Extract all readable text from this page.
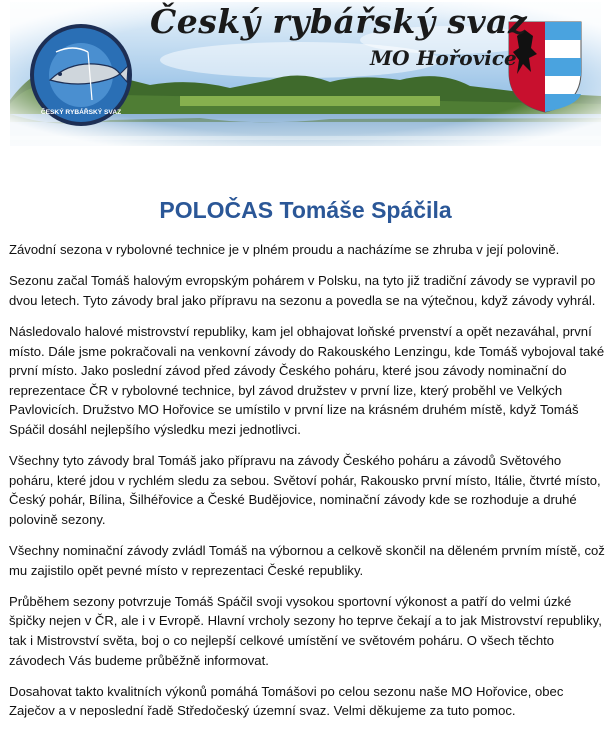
ČESKÝ RYBÁŘSKÝ SVAZ
Český rybářský svaz
MO Hořovice
POLOČAS Tomáše Spáčila

Závodní sezona v rybolovné technice je v plném proudu a nacházíme se zhruba v její polovině.

Sezonu začal Tomáš halovým evropským pohárem v Polsku, na tyto již tradiční závody se vypravil po dvou letech. Tyto závody bral jako přípravu na sezonu a povedla se na výtečnou, když závody vyhrál.

Následovalo halové mistrovství republiky, kam jel obhajovat loňské prvenství a opět nezaváhal, první místo. Dále jsme pokračovali na venkovní závody do Rakouského Lenzingu, kde Tomáš vybojoval také první místo. Jako poslední závod před závody Českého poháru, které jsou závody nominační do reprezentace ČR v rybolovné technice, byl závod družstev v první lize, který proběhl ve Velkých Pavlovicích. Družstvo MO Hořovice se umístilo v první lize na krásném druhém místě, když Tomáš Spáčil dosáhl nejlepšího výsledku mezi jednotlivci.

Všechny tyto závody bral Tomáš jako přípravu na závody Českého poháru a závodů Světového poháru, které jdou v rychlém sledu za sebou. Světoví pohár, Rakousko první místo, Itálie, čtvrté místo, Český pohár, Bílina, Šilhéřovice a České Budějovice, nominační závody kde se rozhoduje a druhé polovině sezony.

Všechny nominační závody zvládl Tomáš na výbornou a celkově skončil na děleném prvním místě, což mu zajistilo opět pevné místo v reprezentaci České republiky.

Průběhem sezony potvrzuje Tomáš Spáčil svoji vysokou sportovní výkonost a patří do velmi úzké špičky nejen v ČR, ale i v Evropě. Hlavní vrcholy sezony ho teprve čekají a to jak Mistrovství republiky, tak i Mistrovství světa, boj o co nejlepší celkové umístění ve světovém poháru. O všech těchto závodech Vás budeme průběžně informovat.

Dosahovat takto kvalitních výkonů pomáhá Tomášovi po celou sezonu naše MO Hořovice, obec Zaječov a v neposlední řadě Středočeský územní svaz. Velmi děkujeme za tuto pomoc.
